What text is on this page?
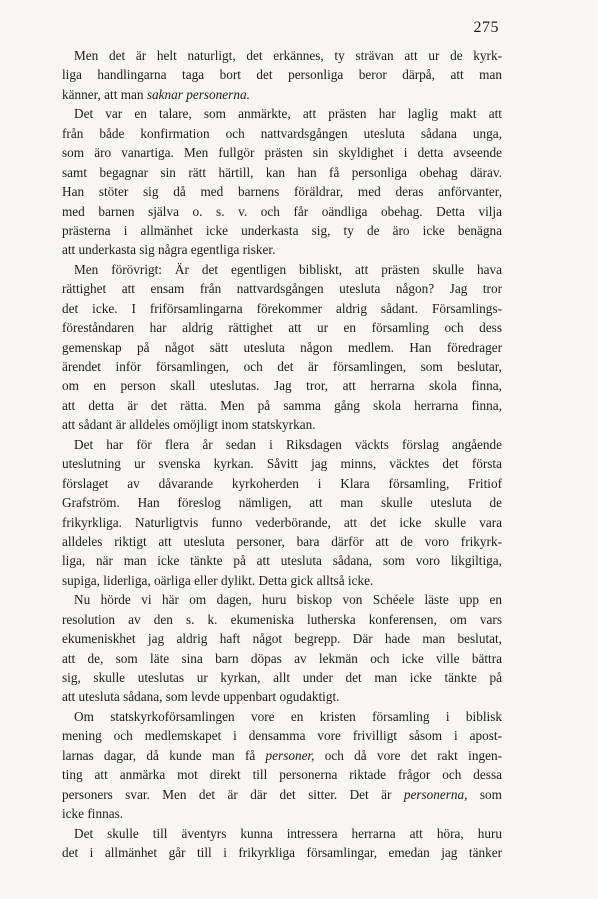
275
Men det är helt naturligt, det erkännes, ty strävan att ur de kyrk-
liga handlingarna taga bort det personliga beror därpå, att man
känner, att man saknar personerna.
Det var en talare, som anmärkte, att prästen har laglig makt att
från både konfirmation och nattvardsgången utesluta sådana unga,
som äro vanartiga. Men fullgör prästen sin skyldighet i detta avseende
samt begagnar sin rätt härtill, kan han få personliga obehag därav.
Han stöter sig då med barnens föräldrar, med deras anförvanter,
med barnen själva o. s. v. och får oändliga obehag. Detta vilja
prästerna i allmänhet icke underkasta sig, ty de äro icke benägna
att underkasta sig några egentliga risker.
Men förövrigt: Är det egentligen bibliskt, att prästen skulle hava
rättighet att ensam från nattvardsgången utesluta någon? Jag tror
det icke. I friförsamlingarna förekommer aldrig sådant. Församlings-
föreståndaren har aldrig rättighet att ur en församling och dess
gemenskap på något sätt utesluta någon medlem. Han föredrager
ärendet inför församlingen, och det är församlingen, som beslutar,
om en person skall uteslutas. Jag tror, att herrarna skola finna,
att detta är det rätta. Men på samma gång skola herrarna finna,
att sådant är alldeles omöjligt inom statskyrkan.
Det har för flera år sedan i Riksdagen väckts förslag angående
uteslutning ur svenska kyrkan. Såvitt jag minns, väcktes det första
förslaget av dåvarande kyrkoherden i Klara församling, Fritiof
Grafström. Han föreslog nämligen, att man skulle utesluta de
frikyrkliga. Naturligtvis funno vederbörande, att det icke skulle vara
alldeles riktigt att utesluta personer, bara därför att de voro frikyrk-
liga, när man icke tänkte på att utesluta sådana, som voro likgiltiga,
supiga, liderliga, oärliga eller dylikt. Detta gick alltså icke.
Nu hörde vi här om dagen, huru biskop von Schéele läste upp en
resolution av den s. k. ekumeniska lutherska konferensen, om vars
ekumeniskhet jag aldrig haft något begrepp. Där hade man beslutat,
att de, som läte sina barn döpas av lekmän och icke ville bättra
sig, skulle uteslutas ur kyrkan, allt under det man icke tänkte på
att utesluta sådana, som levde uppenbart ogudaktigt.
Om statskyrkoförsamlingen vore en kristen församling i biblisk
mening och medlemskapet i densamma vore frivilligt såsom i apost-
larnas dagar, då kunde man få personer, och då vore det rakt ingen-
ting att anmärka mot direkt till personerna riktade frågor och dessa
personers svar. Men det är där det sitter. Det är personerna, som
icke finnas.
Det skulle till äventyrs kunna intressera herrarna att höra, huru
det i allmänhet går till i frikyrkliga församlingar, emedan jag tänker
